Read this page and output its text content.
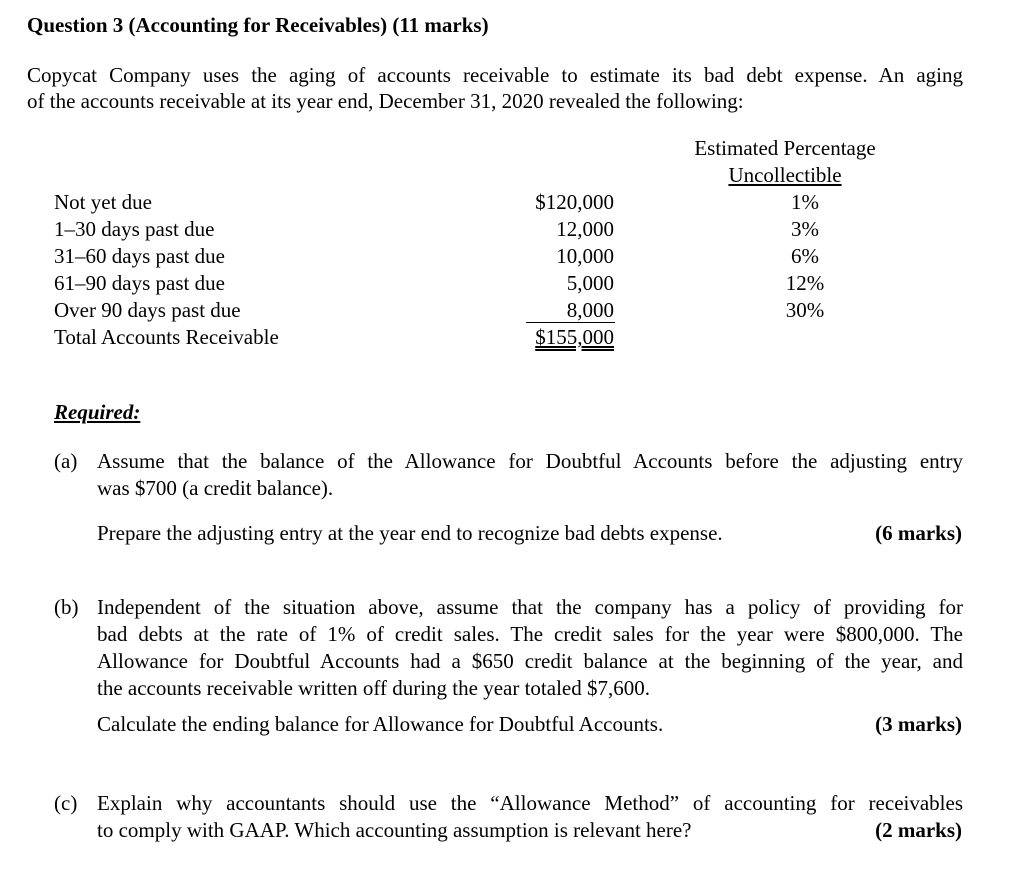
Question 3 (Accounting for Receivables) (11 marks)
Copycat Company uses the aging of accounts receivable to estimate its bad debt expense. An aging
of the accounts receivable at its year end, December 31, 2020 revealed the following:
Estimated Percentage
Uncollectible
Not yet due	$120,000	1%
1–30 days past due	12,000	3%
31–60 days past due	10,000	6%
61–90 days past due	5,000	12%
Over 90 days past due	8,000	30%
Total Accounts Receivable	$155,000
Required:
(a) Assume that the balance of the Allowance for Doubtful Accounts before the adjusting entry
was $700 (a credit balance).
Prepare the adjusting entry at the year end to recognize bad debts expense.	(6 marks)
(b) Independent of the situation above, assume that the company has a policy of providing for
bad debts at the rate of 1% of credit sales. The credit sales for the year were $800,000. The
Allowance for Doubtful Accounts had a $650 credit balance at the beginning of the year, and
the accounts receivable written off during the year totaled $7,600.
Calculate the ending balance for Allowance for Doubtful Accounts.	(3 marks)
(c) Explain why accountants should use the “Allowance Method” of accounting for receivables
to comply with GAAP. Which accounting assumption is relevant here?	(2 marks)
